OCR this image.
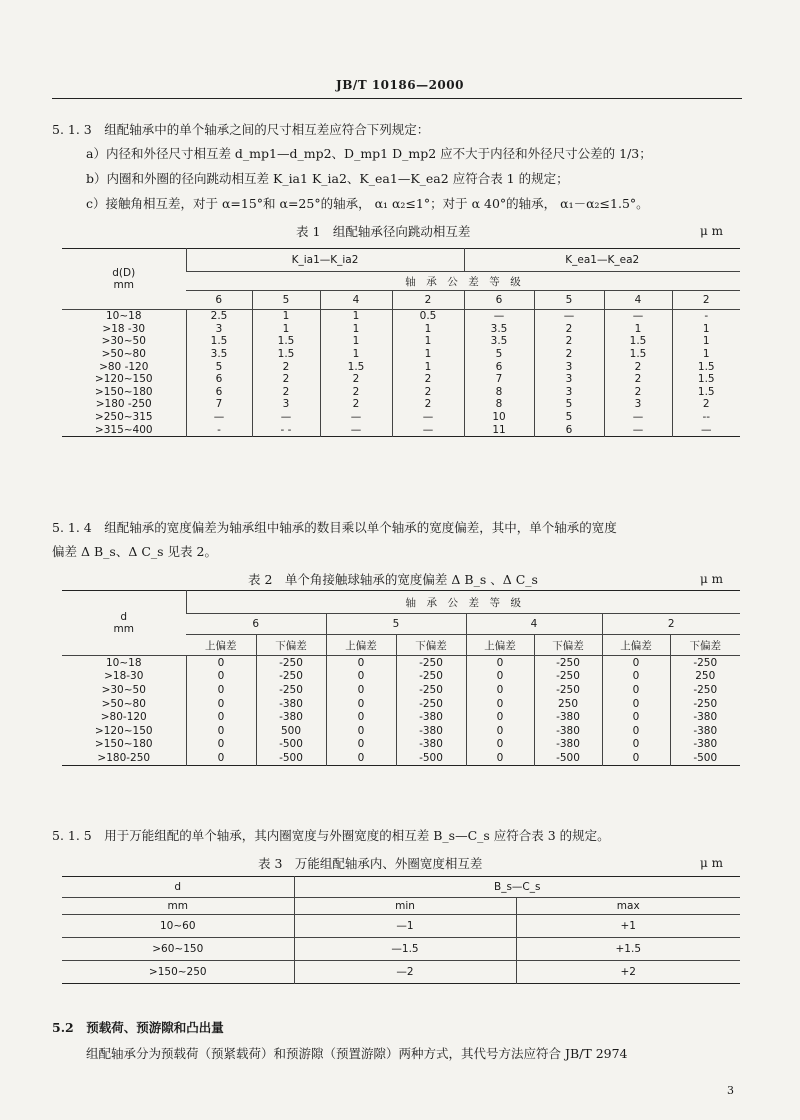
JB/T 10186—2000
5. 1. 3　组配轴承中的单个轴承之间的尺寸相互差应符合下列规定：
a）内径和外径尺寸相互差 d_mp1—d_mp2、D_mp1 D_mp2 应不大于内径和外径尺寸公差的 1/3；
b）内圈和外圈的径向跳动相互差 K_ia1 K_ia2、K_ea1—K_ea2 应符合表 1 的规定；
c）接触角相互差，对于 α=15°和 α=25°的轴承， α₁ α₂≤1°；对于 α 40°的轴承， α₁－α₂≤1.5°。
表 1　组配轴承径向跳动相互差	μ m
d(D)
mm	K_ia1—K_ia2				K_ea1—K_ea2			
	轴　承　公　差　等　级							
	6	5	4	2	6	5	4	2
10~18	2.5	1	1	0.5	—	—	—	-
>18 -30	3	1	1	1	3.5	2	1	1
>30~50	1.5	1.5	1	1	3.5	2	1.5	1
>50~80	3.5	1.5	1	1	5	2	1.5	1
>80 -120	5	2	1.5	1	6	3	2	1.5
>120~150	6	2	2	2	7	3	2	1.5
>150~180	6	2	2	2	8	3	2	1.5
>180 -250	7	3	2	2	8	5	3	2
>250~315	—	—	—	—	10	5	—	--
>315~400	-	- -	—	—	11	6	—	—
5. 1. 4　组配轴承的宽度偏差为轴承组中轴承的数目乘以单个轴承的宽度偏差，其中，单个轴承的宽度
偏差 Δ B_s、Δ C_s 见表 2。
表 2　单个角接触球轴承的宽度偏差 Δ B_s 、Δ C_s	μ m
d
mm	轴　承　公　差　等　级							
	6		5		4		2	
	上偏差	下偏差	上偏差	下偏差	上偏差	下偏差	上偏差	下偏差
10~18	0	-250	0	-250	0	-250	0	-250
>18-30	0	-250	0	-250	0	-250	0	250
>30~50	0	-250	0	-250	0	-250	0	-250
>50~80	0	-380	0	-250	0	250	0	-250
>80-120	0	-380	0	-380	0	-380	0	-380
>120~150	0	500	0	-380	0	-380	0	-380
>150~180	0	-500	0	-380	0	-380	0	-380
>180-250	0	-500	0	-500	0	-500	0	-500
5. 1. 5　用于万能组配的单个轴承，其内圈宽度与外圈宽度的相互差 B_s—C_s 应符合表 3 的规定。
表 3　万能组配轴承内、外圈宽度相互差	μ m
d	B_s—C_s	
mm	min	max
10~60	—1	+1
>60~150	—1.5	+1.5
>150~250	—2	+2
5.2　预载荷、预游隙和凸出量
组配轴承分为预载荷（预紧载荷）和预游隙（预置游隙）两种方式，其代号方法应符合 JB/T 2974
3
